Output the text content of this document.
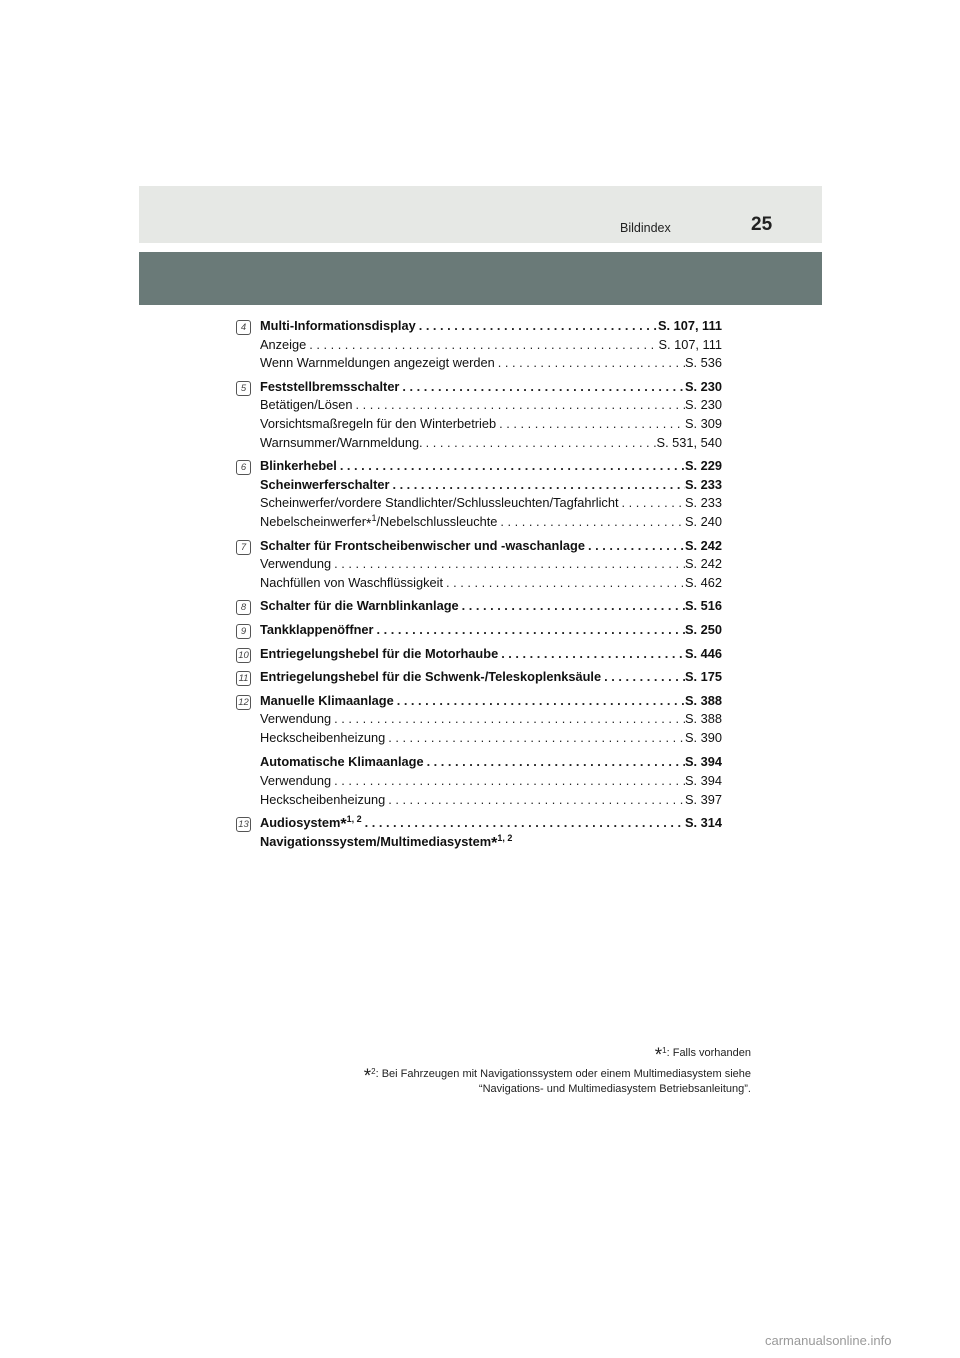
Bildindex	25
4	Multi-Informationsdisplay . . .	S. 107, 111
Anzeige . . .	S. 107, 111
Wenn Warnmeldungen angezeigt werden . . .	S. 536
5	Feststellbremsschalter . . .	S. 230
Betätigen/Lösen . . .	S. 230
Vorsichtsmaßregeln für den Winterbetrieb . . .	S. 309
Warnsummer/Warnmeldung. . . .	S. 531, 540
6	Blinkerhebel . . .	S. 229
Scheinwerferschalter . . .	S. 233
Scheinwerfer/vordere Standlichter/Schlussleuchten/Tagfahrlicht . . .	S. 233
Nebelscheinwerfer*$^1$/Nebelschlussleuchte . . .	S. 240
7	Schalter für Frontscheibenwischer und -waschanlage . . .	S. 242
Verwendung . . .	S. 242
Nachfüllen von Waschflüssigkeit . . .	S. 462
8	Schalter für die Warnblinkanlage . . .	S. 516
9	Tankklappenöffner . . .	S. 250
10 Entriegelungshebel für die Motorhaube . . .	S. 446
11 Entriegelungshebel für die Schwenk-/Teleskoplenksäule . . .	S. 175
12 Manuelle Klimaanlage . . .	S. 388
Verwendung . . .	S. 388
Heckscheibenheizung . . .	S. 390
Automatische Klimaanlage . . .	S. 394
Verwendung . . .	S. 394
Heckscheibenheizung . . .	S. 397
13 Audiosystem*$^{1, 2}$ . . .	S. 314
Navigationssystem/Multimediasystem*$^{1, 2}$
*$^1$: Falls vorhanden
*$^2$: Bei Fahrzeugen mit Navigationssystem oder einem Multimediasystem siehe
“Navigations- und Multimediasystem Betriebsanleitung”.
carmanualsonline.info
